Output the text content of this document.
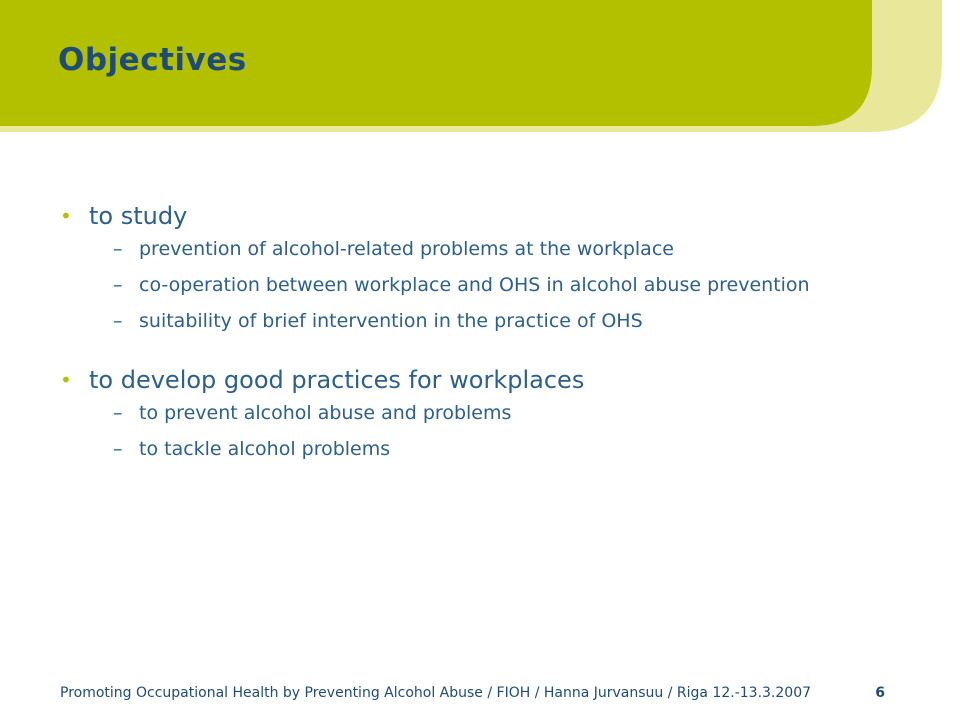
Objectives
• to study
– prevention of alcohol-related problems at the workplace
– co-operation between workplace and OHS in alcohol abuse prevention
– suitability of brief intervention in the practice of OHS
• to develop good practices for workplaces
– to prevent alcohol abuse and problems
– to tackle alcohol problems
Promoting Occupational Health by Preventing Alcohol Abuse / FIOH / Hanna Jurvansuu / Riga 12.-13.3.2007	6
